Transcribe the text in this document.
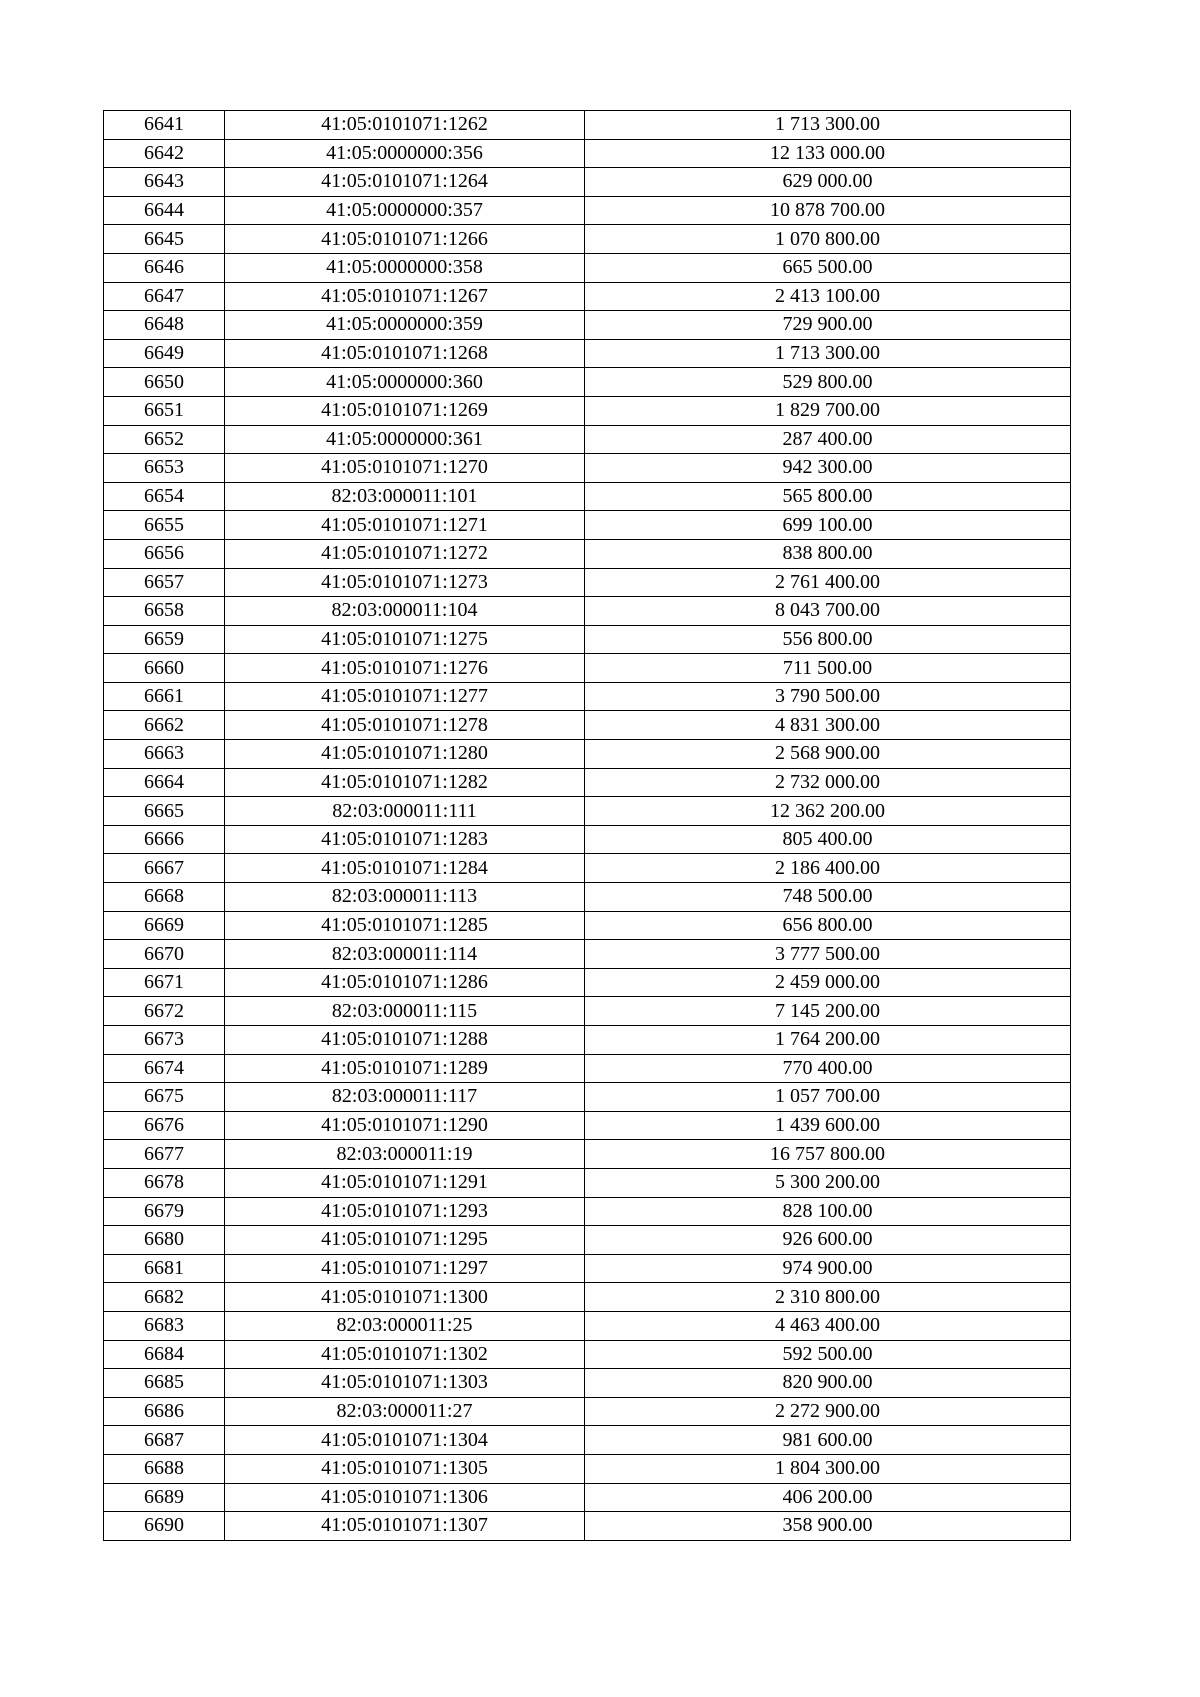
6641	41:05:0101071:1262	1 713 300.00
6642	41:05:0000000:356	12 133 000.00
6643	41:05:0101071:1264	629 000.00
6644	41:05:0000000:357	10 878 700.00
6645	41:05:0101071:1266	1 070 800.00
6646	41:05:0000000:358	665 500.00
6647	41:05:0101071:1267	2 413 100.00
6648	41:05:0000000:359	729 900.00
6649	41:05:0101071:1268	1 713 300.00
6650	41:05:0000000:360	529 800.00
6651	41:05:0101071:1269	1 829 700.00
6652	41:05:0000000:361	287 400.00
6653	41:05:0101071:1270	942 300.00
6654	82:03:000011:101	565 800.00
6655	41:05:0101071:1271	699 100.00
6656	41:05:0101071:1272	838 800.00
6657	41:05:0101071:1273	2 761 400.00
6658	82:03:000011:104	8 043 700.00
6659	41:05:0101071:1275	556 800.00
6660	41:05:0101071:1276	711 500.00
6661	41:05:0101071:1277	3 790 500.00
6662	41:05:0101071:1278	4 831 300.00
6663	41:05:0101071:1280	2 568 900.00
6664	41:05:0101071:1282	2 732 000.00
6665	82:03:000011:111	12 362 200.00
6666	41:05:0101071:1283	805 400.00
6667	41:05:0101071:1284	2 186 400.00
6668	82:03:000011:113	748 500.00
6669	41:05:0101071:1285	656 800.00
6670	82:03:000011:114	3 777 500.00
6671	41:05:0101071:1286	2 459 000.00
6672	82:03:000011:115	7 145 200.00
6673	41:05:0101071:1288	1 764 200.00
6674	41:05:0101071:1289	770 400.00
6675	82:03:000011:117	1 057 700.00
6676	41:05:0101071:1290	1 439 600.00
6677	82:03:000011:19	16 757 800.00
6678	41:05:0101071:1291	5 300 200.00
6679	41:05:0101071:1293	828 100.00
6680	41:05:0101071:1295	926 600.00
6681	41:05:0101071:1297	974 900.00
6682	41:05:0101071:1300	2 310 800.00
6683	82:03:000011:25	4 463 400.00
6684	41:05:0101071:1302	592 500.00
6685	41:05:0101071:1303	820 900.00
6686	82:03:000011:27	2 272 900.00
6687	41:05:0101071:1304	981 600.00
6688	41:05:0101071:1305	1 804 300.00
6689	41:05:0101071:1306	406 200.00
6690	41:05:0101071:1307	358 900.00
